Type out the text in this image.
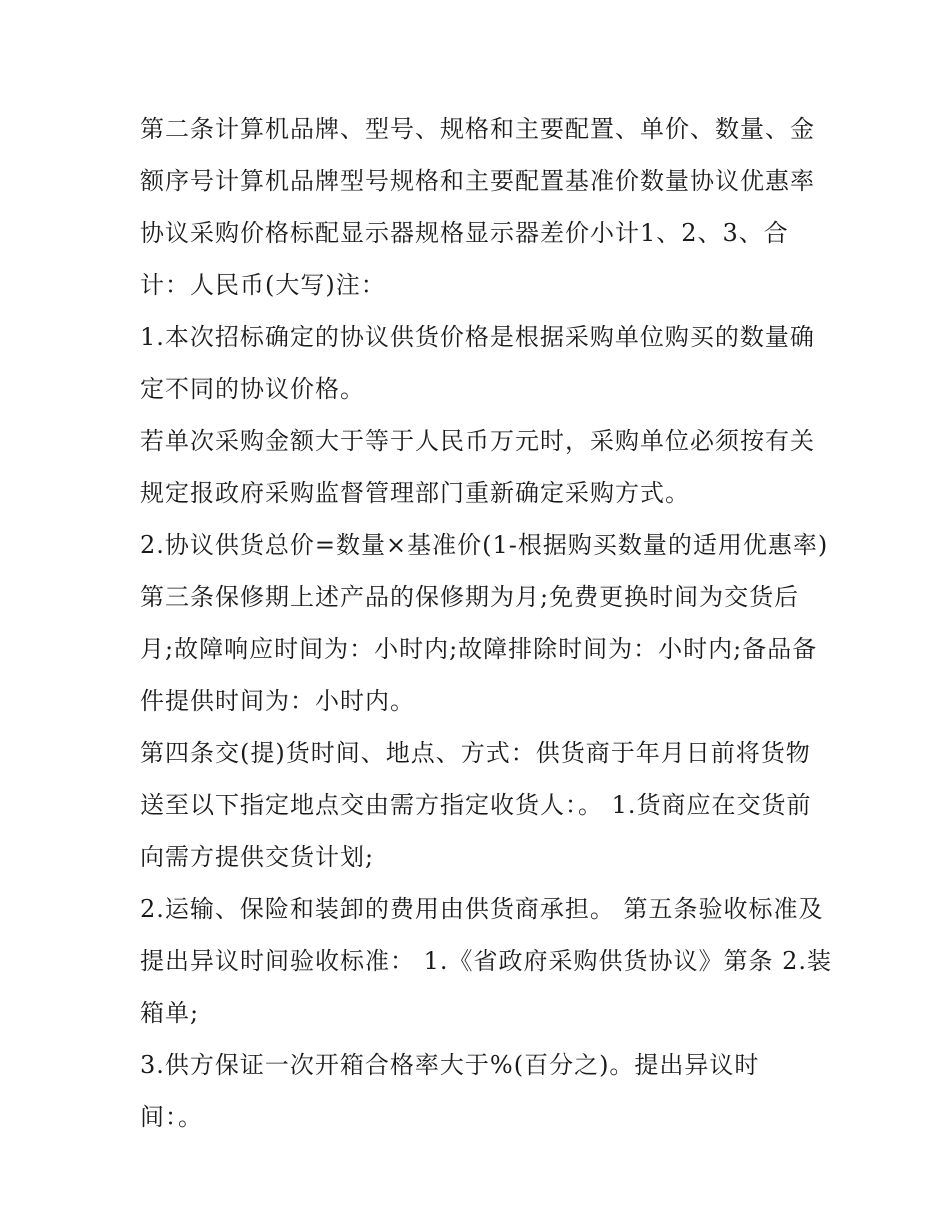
第二条计算机品牌、型号、规格和主要配置、单价、数量、金
额序号计算机品牌型号规格和主要配置基准价数量协议优惠率
协议采购价格标配显示器规格显示器差价小计1、2、3、合
计：人民币(大写)注：
1.本次招标确定的协议供货价格是根据采购单位购买的数量确
定不同的协议价格。
若单次采购金额大于等于人民币万元时，采购单位必须按有关
规定报政府采购监督管理部门重新确定采购方式。
2.协议供货总价=数量×基准价(1-根据购买数量的适用优惠率)
第三条保修期上述产品的保修期为月;免费更换时间为交货后
月;故障响应时间为：小时内;故障排除时间为：小时内;备品备
件提供时间为：小时内。
第四条交(提)货时间、地点、方式：供货商于年月日前将货物
送至以下指定地点交由需方指定收货人：。 1.货商应在交货前
向需方提供交货计划;
2.运输、保险和装卸的费用由供货商承担。 第五条验收标准及
提出异议时间验收标准： 1.《省政府采购供货协议》第条 2.装
箱单;
3.供方保证一次开箱合格率大于%(百分之)。提出异议时
间：。
